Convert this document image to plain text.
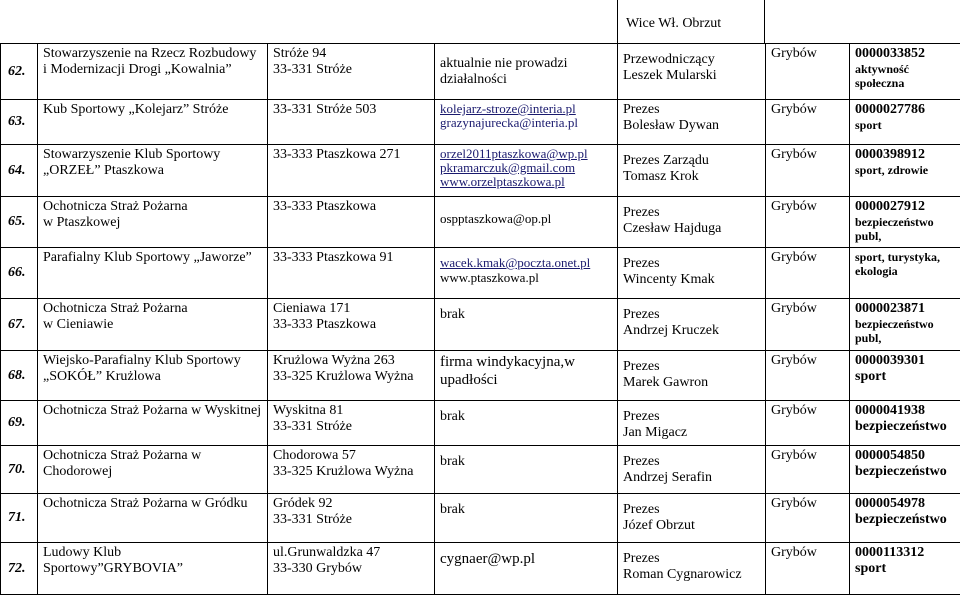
Wice Wł. Obrzut
62.	Stowarzyszenie na Rzecz Rozbudowy
i Modernizacji Drogi „Kowalnia”	Stróże 94
33-331 Stróże	aktualnie nie prowadzi działalności	Przewodniczący
Leszek Mularski	Grybów	0000033852
aktywność
społeczna

63.	Kub Sportowy „Kolejarz” Stróże	33-331 Stróże 503	kolejarz-stroze@interia.pl
grazynajurecka@interia.pl	Prezes
Bolesław Dywan	Grybów	0000027786
sport

64.	Stowarzyszenie Klub Sportowy
„ORZEŁ” Ptaszkowa	33-333 Ptaszkowa 271	orzel2011ptaszkowa@wp.pl
pkramarczuk@gmail.com
www.orzelptaszkowa.pl	Prezes Zarządu
Tomasz Krok	Grybów	0000398912
sport, zdrowie

65.	Ochotnicza Straż Pożarna
w Ptaszkowej	33-333 Ptaszkowa	ospptaszkowa@op.pl	Prezes
Czesław Hajduga	Grybów	0000027912
bezpieczeństwo
publ,

66.	Parafialny Klub Sportowy „Jaworze”	33-333 Ptaszkowa 91	wacek.kmak@poczta.onet.pl
www.ptaszkowa.pl	Prezes
Wincenty Kmak	Grybów	sport, turystyka,
ekologia

67.	Ochotnicza Straż Pożarna
w Cieniawie	Cieniawa 171
33-333 Ptaszkowa	brak	Prezes
Andrzej Kruczek	Grybów	0000023871
bezpieczeństwo
publ,

68.	Wiejsko-Parafialny Klub Sportowy
„SOKÓŁ” Krużlowa	Krużlowa Wyżna 263
33-325 Krużlowa Wyżna	firma windykacyjna,w
upadłości	Prezes
Marek Gawron	Grybów	0000039301
sport

69.	Ochotnicza Straż Pożarna w Wyskitnej	Wyskitna 81
33-331 Stróże	brak	Prezes
Jan Migacz	Grybów	0000041938
bezpieczeństwo

70.	Ochotnicza Straż Pożarna w
Chodorowej	Chodorowa 57
33-325 Krużlowa Wyżna	brak	Prezes
Andrzej Serafin	Grybów	0000054850
bezpieczeństwo

71.	Ochotnicza Straż Pożarna w Gródku	Gródek 92
33-331 Stróże	brak	Prezes
Józef Obrzut	Grybów	0000054978
bezpieczeństwo

72.	Ludowy Klub
Sportowy”GRYBOVIA”	ul.Grunwaldzka 47
33-330 Grybów	cygnaer@wp.pl	Prezes
Roman Cygnarowicz	Grybów	0000113312
sport
